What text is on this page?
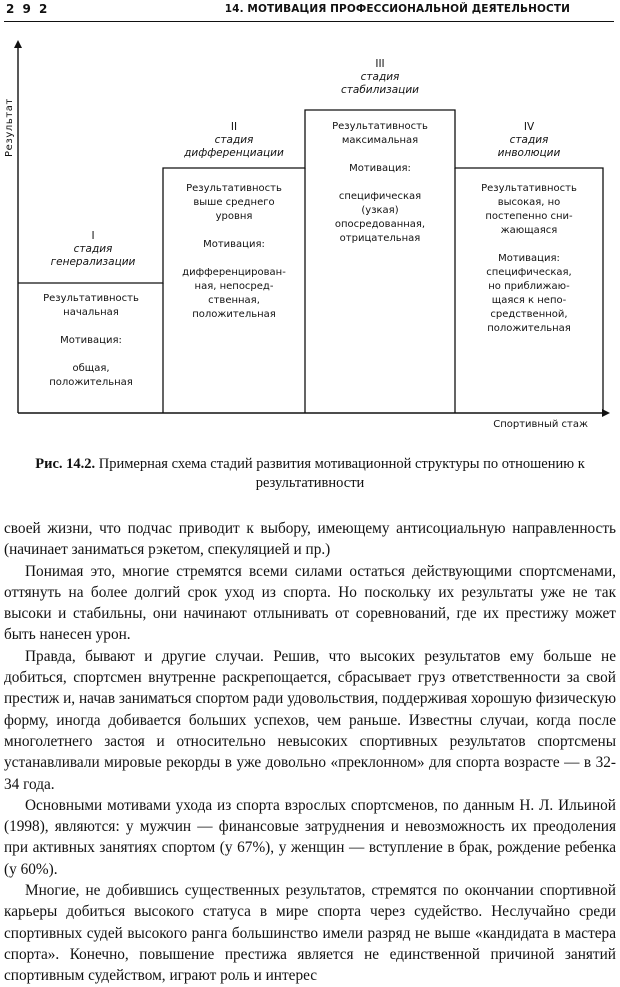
2 9 2	14. МОТИВАЦИЯ ПРОФЕССИОНАЛЬНОЙ ДЕЯТЕЛЬНОСТИ
Результат
Спортивный стаж
I
стадия
генерализации
Результативность
начальная

Мотивация:

общая,
положительная
II
стадия
дифференциации
Результативность
выше среднего
уровня

Мотивация:

дифференцирован-
ная, непосред-
ственная,
положительная
III
стадия
стабилизации
Результативность
максимальная

Мотивация:

специфическая
(узкая)
опосредованная,
отрицательная
IV
стадия
инволюции
Результативность
высокая, но
постепенно сни-
жающаяся

Мотивация:
специфическая,
но приближаю-
щаяся к непо-
средственной,
положительная
Рис. 14.2. Примерная схема стадий развития мотивационной структуры по отношению к результативности

своей жизни, что подчас приводит к выбору, имеющему антисоциальную направленность (начинает заниматься рэкетом, спекуляцией и пр.)

Понимая это, многие стремятся всеми силами остаться действующими спортсменами, оттянуть на более долгий срок уход из спорта. Но поскольку их результаты уже не так высоки и стабильны, они начинают отлынивать от соревнований, где их престижу может быть нанесен урон.

Правда, бывают и другие случаи. Решив, что высоких результатов ему больше не добиться, спортсмен внутренне раскрепощается, сбрасывает груз ответственности за свой престиж и, начав заниматься спортом ради удовольствия, поддерживая хорошую физическую форму, иногда добивается больших успехов, чем раньше. Известны случаи, когда после многолетнего застоя и относительно невысоких спортивных результатов спортсмены устанавливали мировые рекорды в уже довольно «преклонном» для спорта возрасте — в 32-34 года.

Основными мотивами ухода из спорта взрослых спортсменов, по данным Н. Л. Ильиной (1998), являются: у мужчин — финансовые затруднения и невозможность их преодоления при активных занятиях спортом (у 67%), у женщин — вступление в брак, рождение ребенка (у 60%).

Многие, не добившись существенных результатов, стремятся по окончании спортивной карьеры добиться высокого статуса в мире спорта через судейство. Неслучайно среди спортивных судей высокого ранга большинство имели разряд не выше «кандидата в мастера спорта». Конечно, повышение престижа является не единственной причиной занятий спортивным судейством, играют роль и интерес
